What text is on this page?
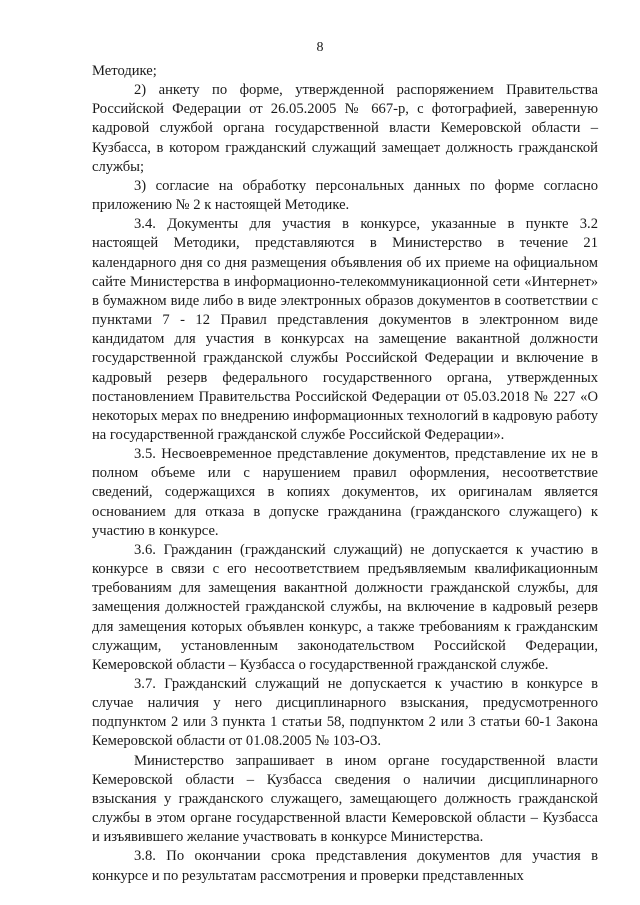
8

Методике;

2) анкету по форме, утвержденной распоряжением Правительства Российской Федерации от 26.05.2005 № 667-р, с фотографией, заверенную кадровой службой органа государственной власти Кемеровской области – Кузбасса, в котором гражданский служащий замещает должность гражданской службы;

3) согласие на обработку персональных данных по форме согласно приложению № 2 к настоящей Методике.

3.4. Документы для участия в конкурсе, указанные в пункте 3.2 настоящей Методики, представляются в Министерство в течение 21 календарного дня со дня размещения объявления об их приеме на официальном сайте Министерства в информационно-телекоммуникационной сети «Интернет» в бумажном виде либо в виде электронных образов документов в соответствии с пунктами 7 - 12 Правил представления документов в электронном виде кандидатом для участия в конкурсах на замещение вакантной должности государственной гражданской службы Российской Федерации и включение в кадровый резерв федерального государственного органа, утвержденных постановлением Правительства Российской Федерации от 05.03.2018 № 227 «О некоторых мерах по внедрению информационных технологий в кадровую работу на государственной гражданской службе Российской Федерации».

3.5. Несвоевременное представление документов, представление их не в полном объеме или с нарушением правил оформления, несоответствие сведений, содержащихся в копиях документов, их оригиналам является основанием для отказа в допуске гражданина (гражданского служащего) к участию в конкурсе.

3.6. Гражданин (гражданский служащий) не допускается к участию в конкурсе в связи с его несоответствием предъявляемым квалификационным требованиям для замещения вакантной должности гражданской службы, для замещения должностей гражданской службы, на включение в кадровый резерв для замещения которых объявлен конкурс, а также требованиям к гражданским служащим, установленным законодательством Российской Федерации, Кемеровской области – Кузбасса о государственной гражданской службе.

3.7. Гражданский служащий не допускается к участию в конкурсе в случае наличия у него дисциплинарного взыскания, предусмотренного подпунктом 2 или 3 пункта 1 статьи 58, подпунктом 2 или 3 статьи 60-1 Закона Кемеровской области от 01.08.2005 № 103-ОЗ.

Министерство запрашивает в ином органе государственной власти Кемеровской области – Кузбасса сведения о наличии дисциплинарного взыскания у гражданского служащего, замещающего должность гражданской службы в этом органе государственной власти Кемеровской области – Кузбасса и изъявившего желание участвовать в конкурсе Министерства.

3.8. По окончании срока представления документов для участия в конкурсе и по результатам рассмотрения и проверки представленных
